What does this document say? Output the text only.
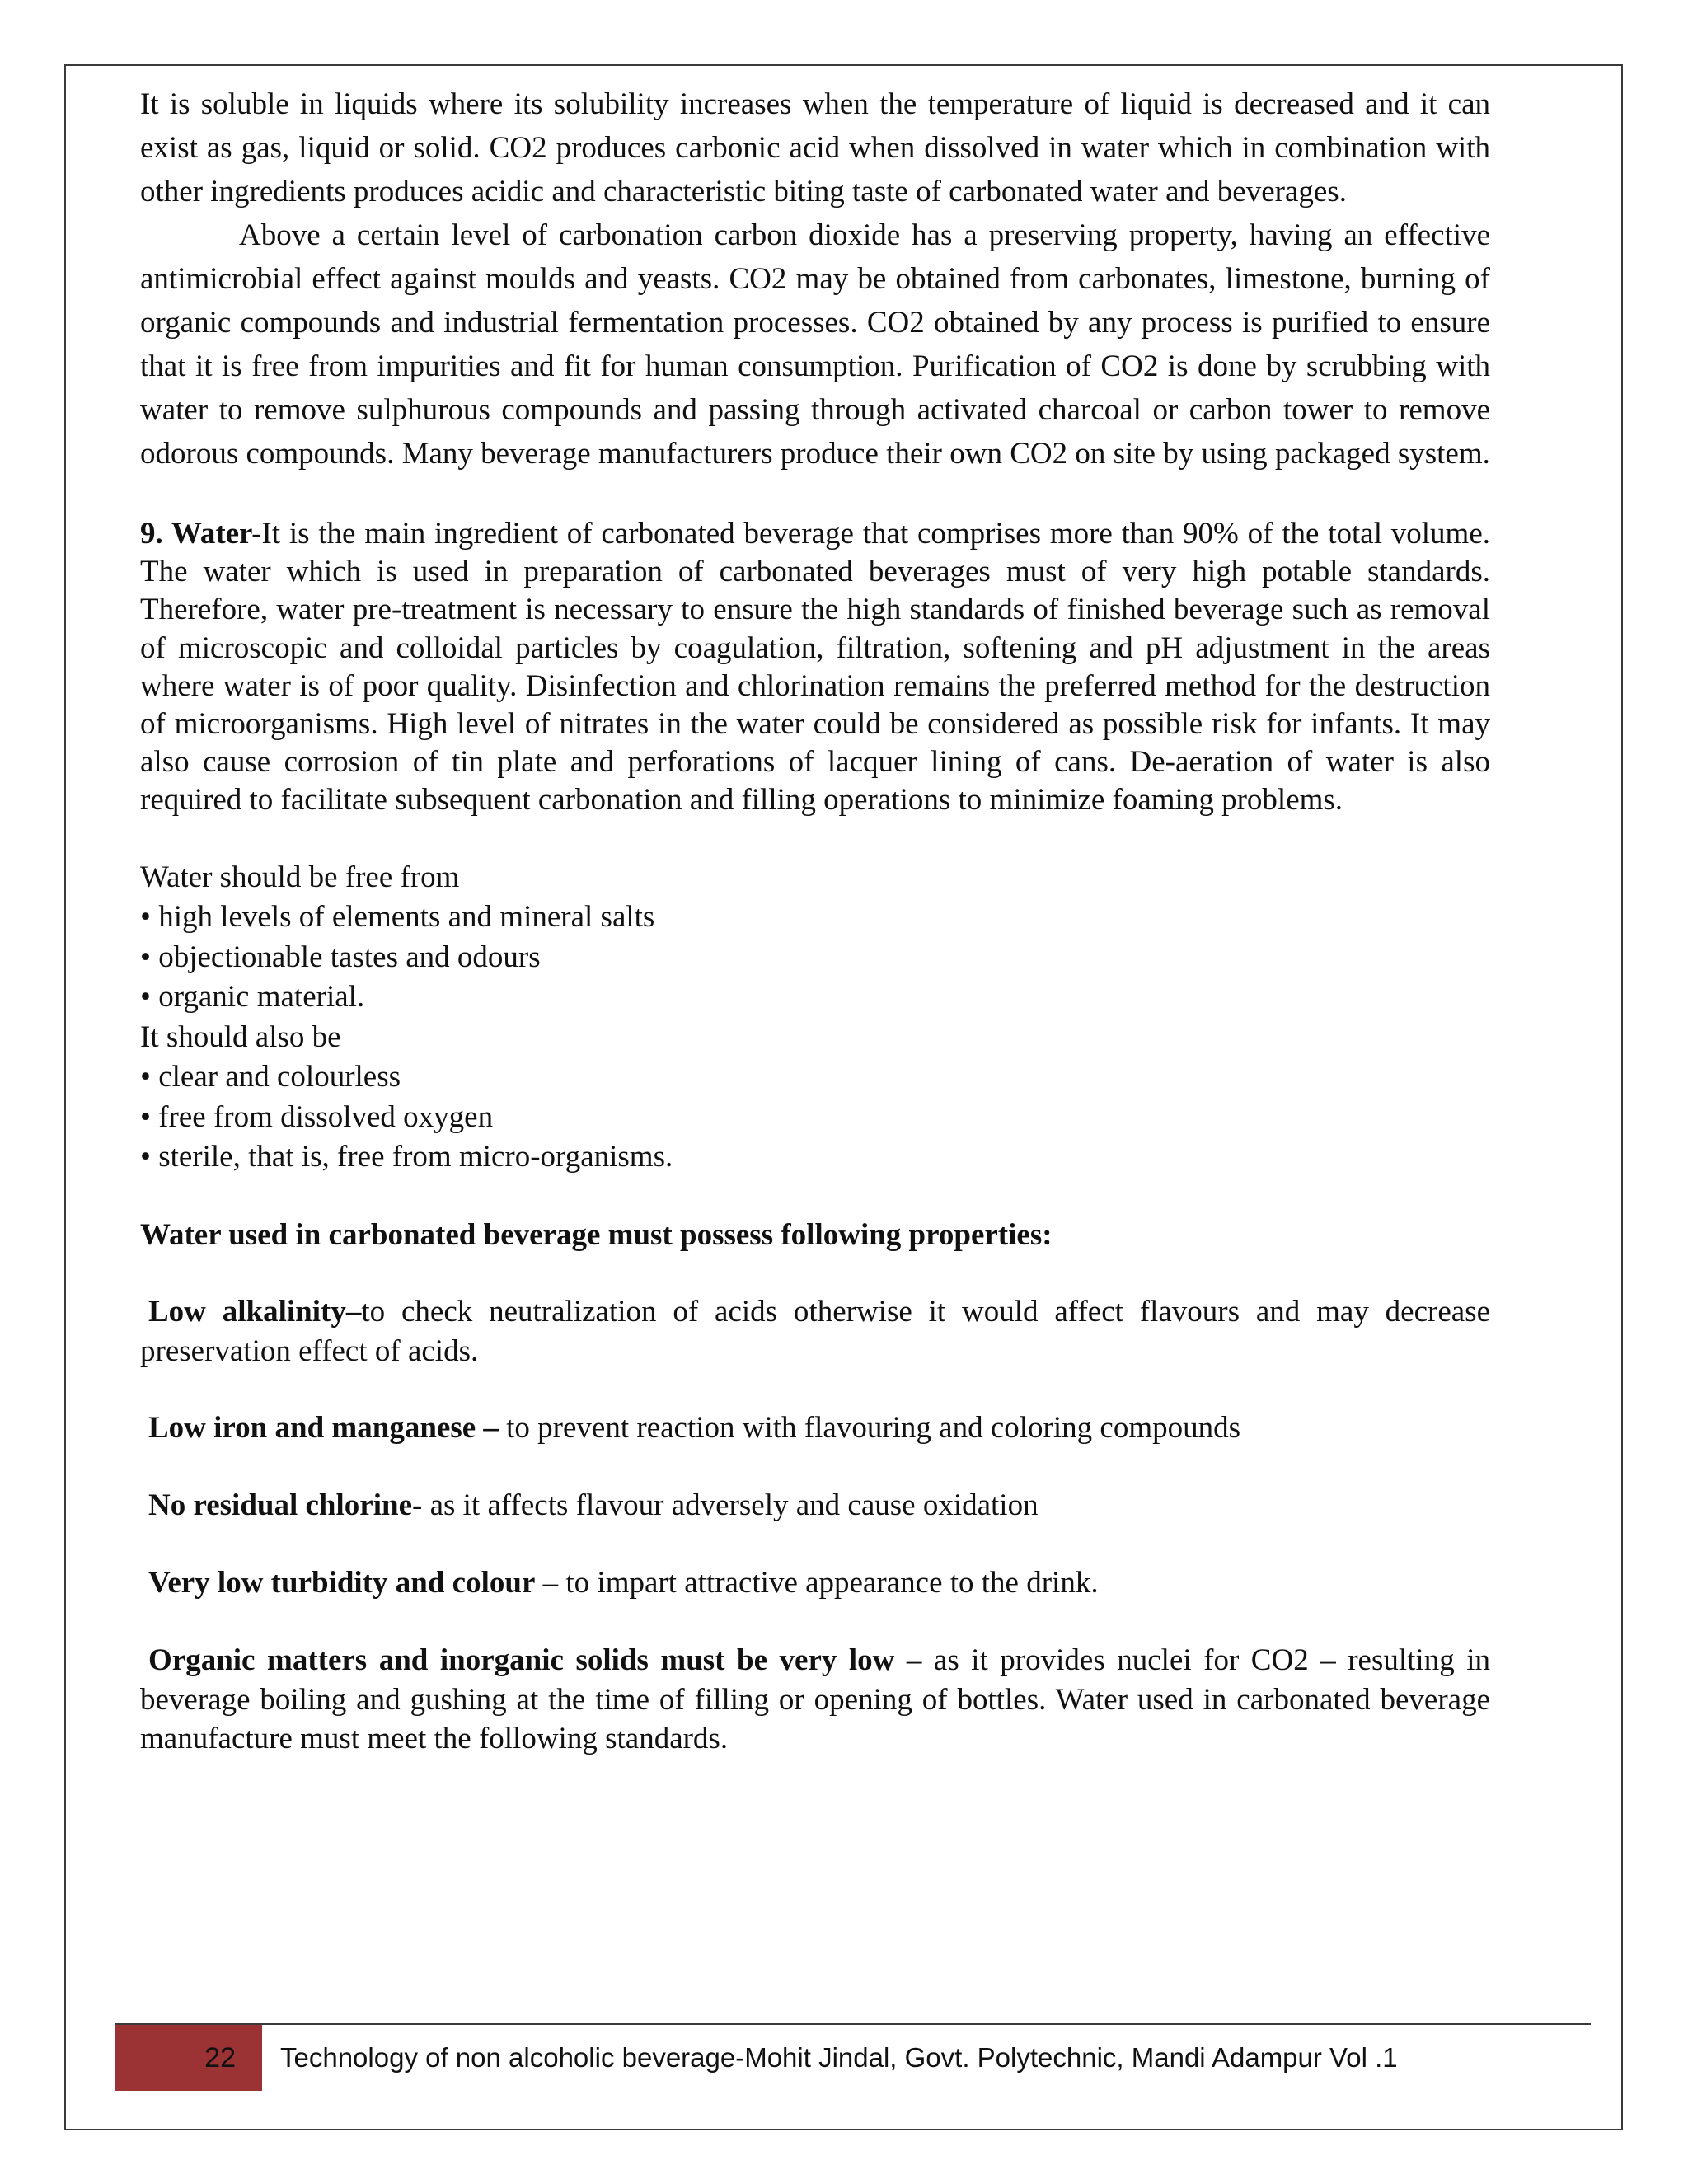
It is soluble in liquids where its solubility increases when the temperature of liquid is decreased and it can exist as gas, liquid or solid. CO2 produces carbonic acid when dissolved in water which in combination with other ingredients produces acidic and characteristic biting taste of carbonated water and beverages.

Above a certain level of carbonation carbon dioxide has a preserving property, having an effective antimicrobial effect against moulds and yeasts. CO2 may be obtained from carbonates, limestone, burning of organic compounds and industrial fermentation processes. CO2 obtained by any process is purified to ensure that it is free from impurities and fit for human consumption. Purification of CO2 is done by scrubbing with water to remove sulphurous compounds and passing through activated charcoal or carbon tower to remove odorous compounds. Many beverage manufacturers produce their own CO2 on site by using packaged system.

9. Water-It is the main ingredient of carbonated beverage that comprises more than 90% of the total volume. The water which is used in preparation of carbonated beverages must of very high potable standards. Therefore, water pre-treatment is necessary to ensure the high standards of finished beverage such as removal of microscopic and colloidal particles by coagulation, filtration, softening and pH adjustment in the areas where water is of poor quality. Disinfection and chlorination remains the preferred method for the destruction of microorganisms. High level of nitrates in the water could be considered as possible risk for infants. It may also cause corrosion of tin plate and perforations of lacquer lining of cans. De-aeration of water is also required to facilitate subsequent carbonation and filling operations to minimize foaming problems.

Water should be free from

• high levels of elements and mineral salts

• objectionable tastes and odours

• organic material.

It should also be

• clear and colourless

• free from dissolved oxygen

• sterile, that is, free from micro-organisms.

Water used in carbonated beverage must possess following properties:

Low alkalinity–to check neutralization of acids otherwise it would affect flavours and may decrease preservation effect of acids.

Low iron and manganese – to prevent reaction with flavouring and coloring compounds

No residual chlorine- as it affects flavour adversely and cause oxidation

Very low turbidity and colour – to impart attractive appearance to the drink.

Organic matters and inorganic solids must be very low – as it provides nuclei for CO2 – resulting in beverage boiling and gushing at the time of filling or opening of bottles. Water used in carbonated beverage manufacture must meet the following standards.

22	Technology of non alcoholic beverage-Mohit Jindal, Govt. Polytechnic, Mandi Adampur Vol .1
